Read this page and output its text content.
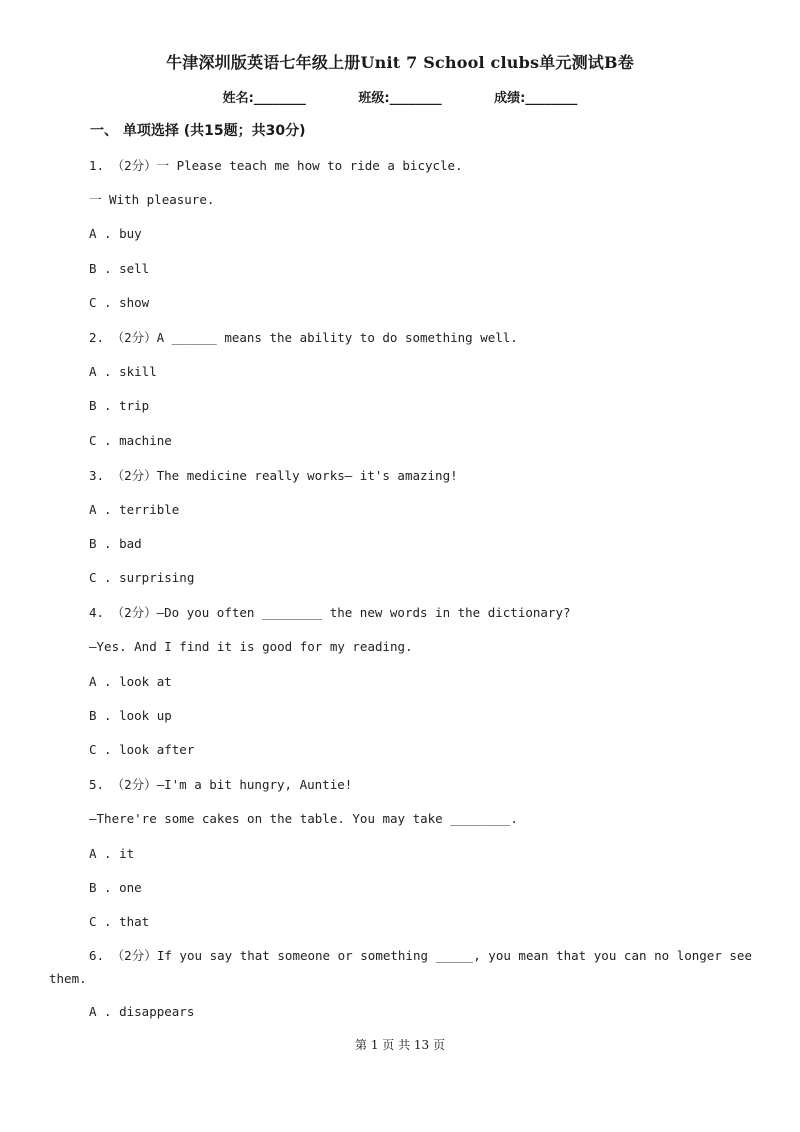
牛津深圳版英语七年级上册Unit 7 School clubs单元测试B卷
姓名:________	班级:________	成绩:________
一、 单项选择 (共15题；共30分)
1. （2分）一 Please teach me how to ride a bicycle.
一 With pleasure.
A . buy
B . sell
C . show
2. （2分）A ______ means the ability to do something well.
A . skill
B . trip
C . machine
3. （2分）The medicine really works— it's amazing!
A . terrible
B . bad
C . surprising
4. （2分）—Do you often ________ the new words in the dictionary?
—Yes. And I find it is good for my reading.
A . look at
B . look up
C . look after
5. （2分）—I'm a bit hungry, Auntie!
—There're some cakes on the table. You may take ________.
A . it
B . one
C . that
6. （2分）If you say that someone or something _____, you mean that you can no longer see them.
A . disappears
第 1 页 共 13 页
